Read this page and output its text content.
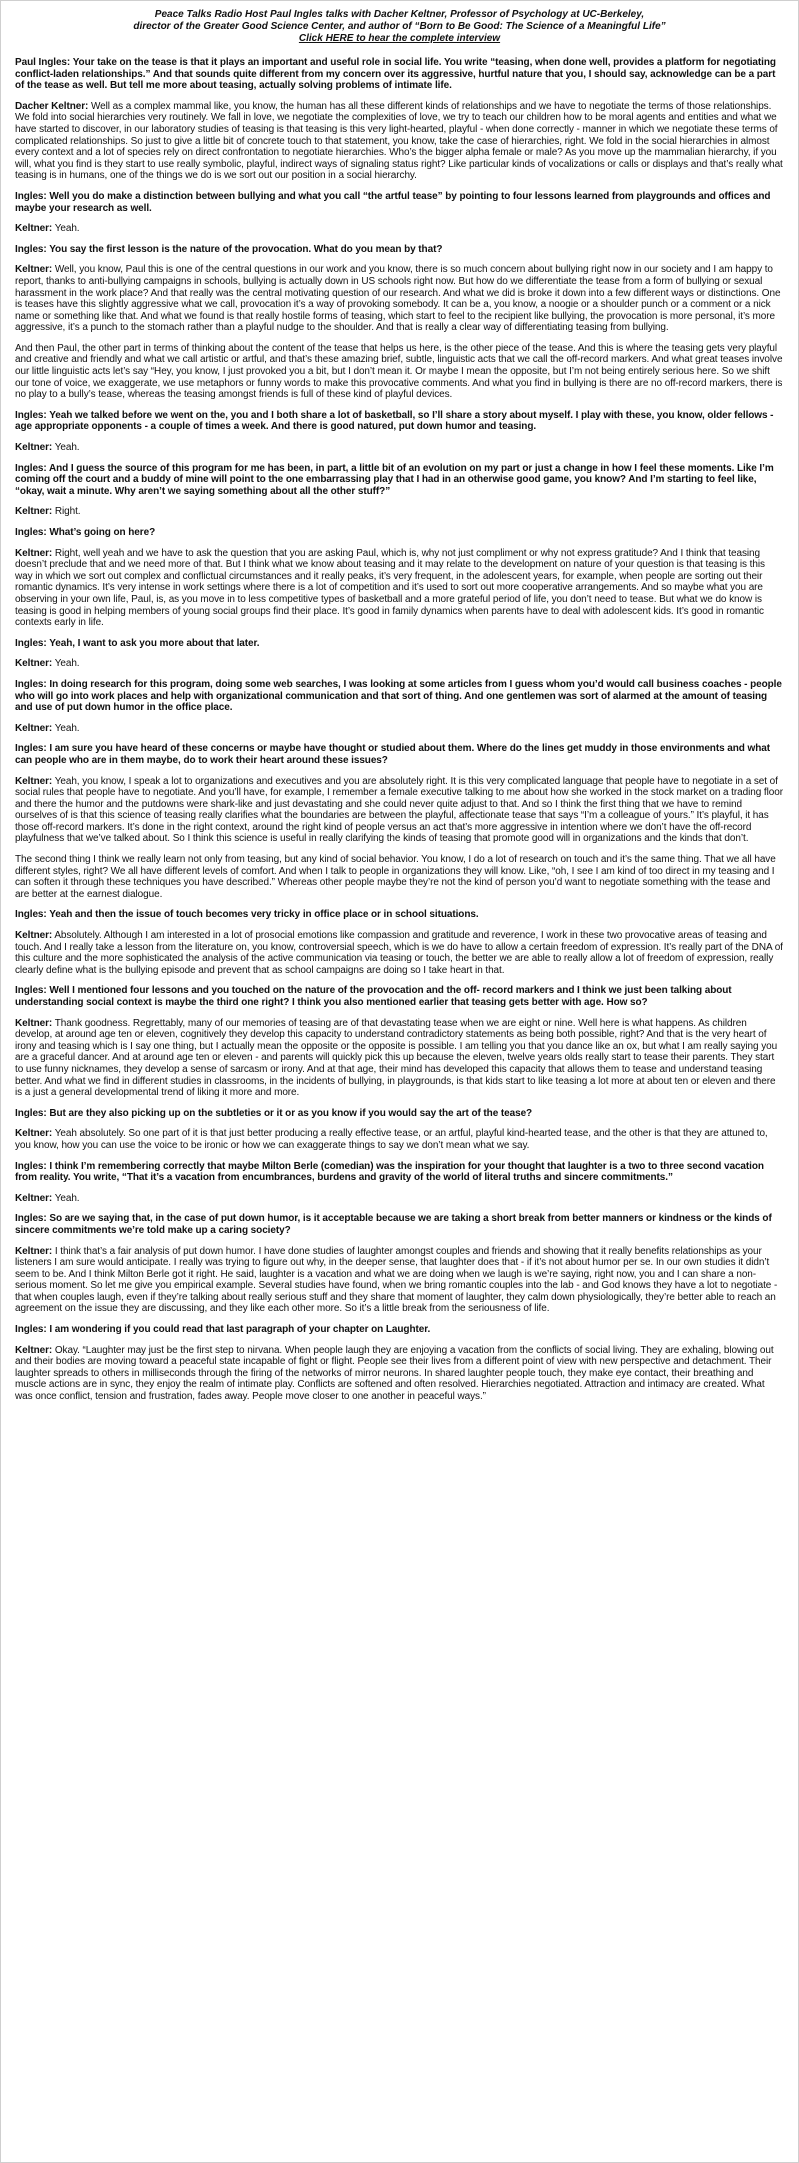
Peace Talks Radio Host Paul Ingles talks with Dacher Keltner, Professor of Psychology at UC-Berkeley,
director of the Greater Good Science Center, and author of “Born to Be Good: The Science of a Meaningful Life”
Click HERE to hear the complete interview

Paul Ingles: Your take on the tease is that it plays an important and useful role in social life. You write “teasing, when done well, provides a platform for negotiating conflict-laden relationships.” And that sounds quite different from my concern over its aggressive, hurtful nature that you, I should say, acknowledge can be a part of the tease as well. But tell me more about teasing, actually solving problems of intimate life.

Dacher Keltner: Well as a complex mammal like, you know, the human has all these different kinds of relationships and we have to negotiate the terms of those relationships. We fold into social hierarchies very routinely. We fall in love, we negotiate the complexities of love, we try to teach our children how to be moral agents and entities and what we have started to discover, in our laboratory studies of teasing is that teasing is this very light-hearted, playful - when done correctly - manner in which we negotiate these terms of complicated relationships. So just to give a little bit of concrete touch to that statement, you know, take the case of hierarchies, right. We fold in the social hierarchies in almost every context and a lot of species rely on direct confrontation to negotiate hierarchies. Who’s the bigger alpha female or male? As you move up the mammalian hierarchy, if you will, what you find is they start to use really symbolic, playful, indirect ways of signaling status right? Like particular kinds of vocalizations or calls or displays and that’s really what teasing is in humans, one of the things we do is we sort out our position in a social hierarchy.

Ingles: Well you do make a distinction between bullying and what you call “the artful tease” by pointing to four lessons learned from playgrounds and offices and maybe your research as well.

Keltner: Yeah.

Ingles: You say the first lesson is the nature of the provocation. What do you mean by that?

Keltner: Well, you know, Paul this is one of the central questions in our work and you know, there is so much concern about bullying right now in our society and I am happy to report, thanks to anti-bullying campaigns in schools, bullying is actually down in US schools right now. But how do we differentiate the tease from a form of bullying or sexual harassment in the work place? And that really was the central motivating question of our research. And what we did is broke it down into a few different ways or distinctions. One is teases have this slightly aggressive what we call, provocation it’s a way of provoking somebody. It can be a, you know, a noogie or a shoulder punch or a comment or a nick name or something like that. And what we found is that really hostile forms of teasing, which start to feel to the recipient like bullying, the provocation is more personal, it’s more aggressive, it’s a punch to the stomach rather than a playful nudge to the shoulder. And that is really a clear way of differentiating teasing from bullying.

And then Paul, the other part in terms of thinking about the content of the tease that helps us here, is the other piece of the tease. And this is where the teasing gets very playful and creative and friendly and what we call artistic or artful, and that’s these amazing brief, subtle, linguistic acts that we call the off-record markers. And what great teases involve our little linguistic acts let’s say “Hey, you know, I just provoked you a bit, but I don’t mean it. Or maybe I mean the opposite, but I’m not being entirely serious here. So we shift our tone of voice, we exaggerate, we use metaphors or funny words to make this provocative comments. And what you find in bullying is there are no off-record markers, there is no play to a bully’s tease, whereas the teasing amongst friends is full of these kind of playful devices.

Ingles: Yeah we talked before we went on the, you and I both share a lot of basketball, so I’ll share a story about myself. I play with these, you know, older fellows - age appropriate opponents - a couple of times a week. And there is good natured, put down humor and teasing.

Keltner: Yeah.

Ingles: And I guess the source of this program for me has been, in part, a little bit of an evolution on my part or just a change in how I feel these moments. Like I’m coming off the court and a buddy of mine will point to the one embarrassing play that I had in an otherwise good game, you know? And I’m starting to feel like, “okay, wait a minute. Why aren’t we saying something about all the other stuff?”

Keltner: Right.

Ingles: What’s going on here?

Keltner: Right, well yeah and we have to ask the question that you are asking Paul, which is, why not just compliment or why not express gratitude? And I think that teasing doesn’t preclude that and we need more of that. But I think what we know about teasing and it may relate to the development on nature of your question is that teasing is this way in which we sort out complex and conflictual circumstances and it really peaks, it’s very frequent, in the adolescent years, for example, when people are sorting out their romantic dynamics. It’s very intense in work settings where there is a lot of competition and it’s used to sort out more cooperative arrangements. And so maybe what you are observing in your own life, Paul, is, as you move in to less competitive types of basketball and a more grateful period of life, you don’t need to tease. But what we do know is teasing is good in helping members of young social groups find their place. It’s good in family dynamics when parents have to deal with adolescent kids. It’s good in romantic contexts early in life.

Ingles: Yeah, I want to ask you more about that later.

Keltner: Yeah.

Ingles: In doing research for this program, doing some web searches, I was looking at some articles from I guess whom you’d would call business coaches - people who will go into work places and help with organizational communication and that sort of thing. And one gentlemen was sort of alarmed at the amount of teasing and use of put down humor in the office place.

Keltner: Yeah.

Ingles: I am sure you have heard of these concerns or maybe have thought or studied about them. Where do the lines get muddy in those environments and what can people who are in them maybe, do to work their heart around these issues?

Keltner: Yeah, you know, I speak a lot to organizations and executives and you are absolutely right. It is this very complicated language that people have to negotiate in a set of social rules that people have to negotiate. And you’ll have, for example, I remember a female executive talking to me about how she worked in the stock market on a trading floor and there the humor and the putdowns were shark-like and just devastating and she could never quite adjust to that. And so I think the first thing that we have to remind ourselves of is that this science of teasing really clarifies what the boundaries are between the playful, affectionate tease that says “I’m a colleague of yours.” It’s playful, it has those off-record markers. It’s done in the right context, around the right kind of people versus an act that’s more aggressive in intention where we don’t have the off-record playfulness that we’ve talked about. So I think this science is useful in really clarifying the kinds of teasing that promote good will in organizations and the kinds that don’t.

The second thing I think we really learn not only from teasing, but any kind of social behavior. You know, I do a lot of research on touch and it’s the same thing. That we all have different styles, right? We all have different levels of comfort. And when I talk to people in organizations they will know. Like, “oh, I see I am kind of too direct in my teasing and I can soften it through these techniques you have described.” Whereas other people maybe they’re not the kind of person you’d want to negotiate something with the tease and are better at the earnest dialogue.

Ingles: Yeah and then the issue of touch becomes very tricky in office place or in school situations.

Keltner: Absolutely. Although I am interested in a lot of prosocial emotions like compassion and gratitude and reverence, I work in these two provocative areas of teasing and touch. And I really take a lesson from the literature on, you know, controversial speech, which is we do have to allow a certain freedom of expression. It’s really part of the DNA of this culture and the more sophisticated the analysis of the active communication via teasing or touch, the better we are able to really allow a lot of freedom of expression, really clearly define what is the bullying episode and prevent that as school campaigns are doing so I take heart in that.

Ingles: Well I mentioned four lessons and you touched on the nature of the provocation and the off- record markers and I think we just been talking about understanding social context is maybe the third one right? I think you also mentioned earlier that teasing gets better with age. How so?

Keltner: Thank goodness. Regrettably, many of our memories of teasing are of that devastating tease when we are eight or nine. Well here is what happens. As children develop, at around age ten or eleven, cognitively they develop this capacity to understand contradictory statements as being both possible, right? And that is the very heart of irony and teasing which is I say one thing, but I actually mean the opposite or the opposite is possible. I am telling you that you dance like an ox, but what I am really saying you are a graceful dancer. And at around age ten or eleven - and parents will quickly pick this up because the eleven, twelve years olds really start to tease their parents. They start to use funny nicknames, they develop a sense of sarcasm or irony. And at that age, their mind has developed this capacity that allows them to tease and understand teasing better. And what we find in different studies in classrooms, in the incidents of bullying, in playgrounds, is that kids start to like teasing a lot more at about ten or eleven and there is a just a general developmental trend of liking it more and more.

Ingles: But are they also picking up on the subtleties or it or as you know if you would say the art of the tease?

Keltner: Yeah absolutely. So one part of it is that just better producing a really effective tease, or an artful, playful kind-hearted tease, and the other is that they are attuned to, you know, how you can use the voice to be ironic or how we can exaggerate things to say we don’t mean what we say.

Ingles: I think I’m remembering correctly that maybe Milton Berle (comedian) was the inspiration for your thought that laughter is a two to three second vacation from reality. You write, “That it’s a vacation from encumbrances, burdens and gravity of the world of literal truths and sincere commitments.”

Keltner: Yeah.

Ingles: So are we saying that, in the case of put down humor, is it acceptable because we are taking a short break from better manners or kindness or the kinds of sincere commitments we’re told make up a caring society?

Keltner: I think that’s a fair analysis of put down humor. I have done studies of laughter amongst couples and friends and showing that it really benefits relationships as your listeners I am sure would anticipate. I really was trying to figure out why, in the deeper sense, that laughter does that - if it’s not about humor per se. In our own studies it didn’t seem to be. And I think Milton Berle got it right. He said, laughter is a vacation and what we are doing when we laugh is we’re saying, right now, you and I can share a non-serious moment. So let me give you empirical example. Several studies have found, when we bring romantic couples into the lab - and God knows they have a lot to negotiate - that when couples laugh, even if they’re talking about really serious stuff and they share that moment of laughter, they calm down physiologically, they’re better able to reach an agreement on the issue they are discussing, and they like each other more. So it’s a little break from the seriousness of life.

Ingles: I am wondering if you could read that last paragraph of your chapter on Laughter.

Keltner: Okay. “Laughter may just be the first step to nirvana. When people laugh they are enjoying a vacation from the conflicts of social living. They are exhaling, blowing out and their bodies are moving toward a peaceful state incapable of fight or flight. People see their lives from a different point of view with new perspective and detachment. Their laughter spreads to others in milliseconds through the firing of the networks of mirror neurons. In shared laughter people touch, they make eye contact, their breathing and muscle actions are in sync, they enjoy the realm of intimate play. Conflicts are softened and often resolved. Hierarchies negotiated. Attraction and intimacy are created. What was once conflict, tension and frustration, fades away. People move closer to one another in peaceful ways.”
